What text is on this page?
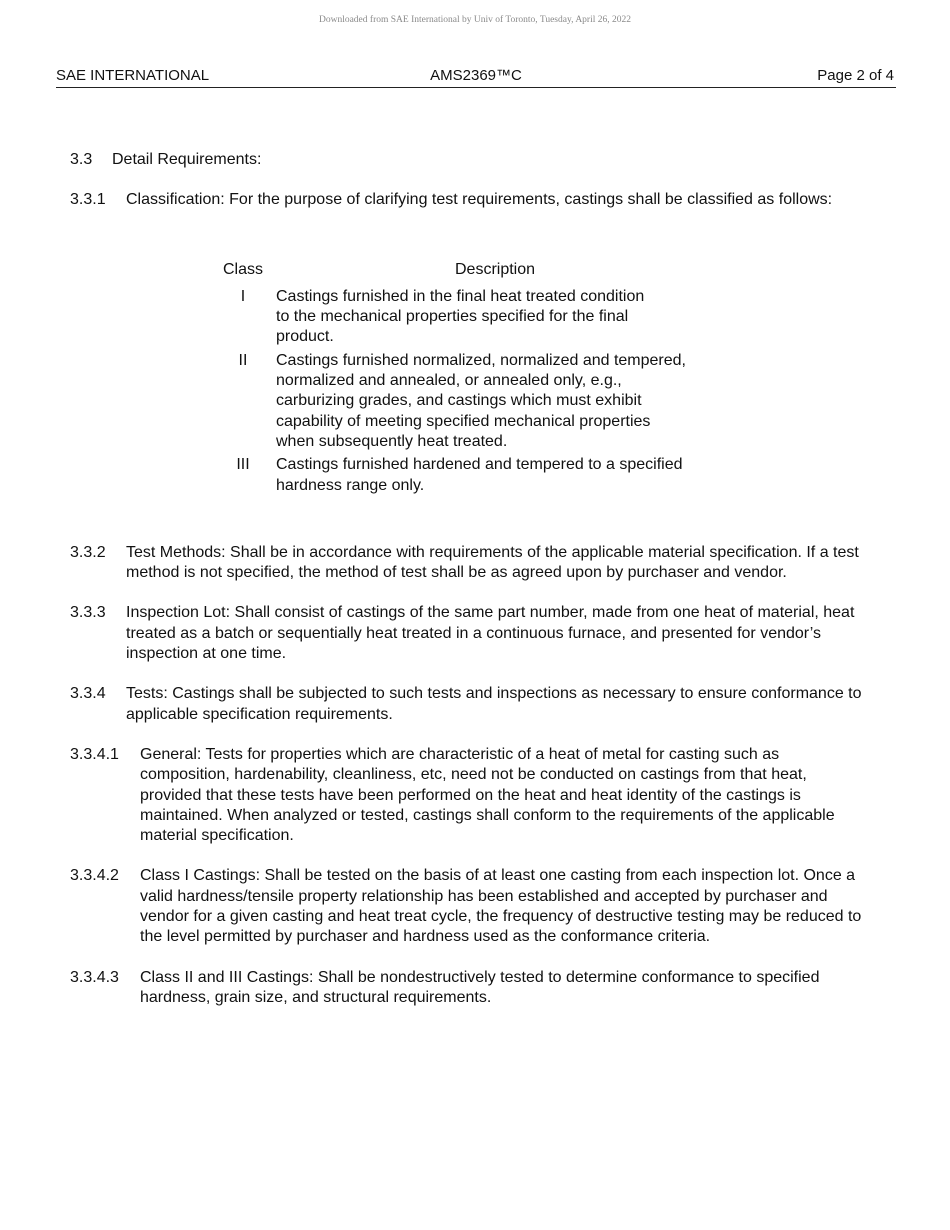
Downloaded from SAE International by Univ of Toronto, Tuesday, April 26, 2022
SAE INTERNATIONAL	AMS2369™C	Page 2 of 4
3.3	Detail Requirements:
3.3.1	Classification: For the purpose of clarifying test requirements, castings shall be classified as follows:
Class	Description
I	Castings furnished in the final heat treated condition
to the mechanical properties specified for the final
product.

II	Castings furnished normalized, normalized and tempered,
normalized and annealed, or annealed only, e.g.,
carburizing grades, and castings which must exhibit
capability of meeting specified mechanical properties
when subsequently heat treated.

III	Castings furnished hardened and tempered to a specified
hardness range only.
3.3.2	Test Methods: Shall be in accordance with requirements of the applicable material specification. If a test method is not specified, the method of test shall be as agreed upon by purchaser and vendor.
3.3.3	Inspection Lot: Shall consist of castings of the same part number, made from one heat of material, heat treated as a batch or sequentially heat treated in a continuous furnace, and presented for vendor’s inspection at one time.
3.3.4	Tests: Castings shall be subjected to such tests and inspections as necessary to ensure conformance to applicable specification requirements.
3.3.4.1	General: Tests for properties which are characteristic of a heat of metal for casting such as composition, hardenability, cleanliness, etc, need not be conducted on castings from that heat, provided that these tests have been performed on the heat and heat identity of the castings is maintained. When analyzed or tested, castings shall conform to the requirements of the applicable material specification.
3.3.4.2	Class I Castings: Shall be tested on the basis of at least one casting from each inspection lot. Once a valid hardness/tensile property relationship has been established and accepted by purchaser and vendor for a given casting and heat treat cycle, the frequency of destructive testing may be reduced to the level permitted by purchaser and hardness used as the conformance criteria.
3.3.4.3	Class II and III Castings: Shall be nondestructively tested to determine conformance to specified hardness, grain size, and structural requirements.
